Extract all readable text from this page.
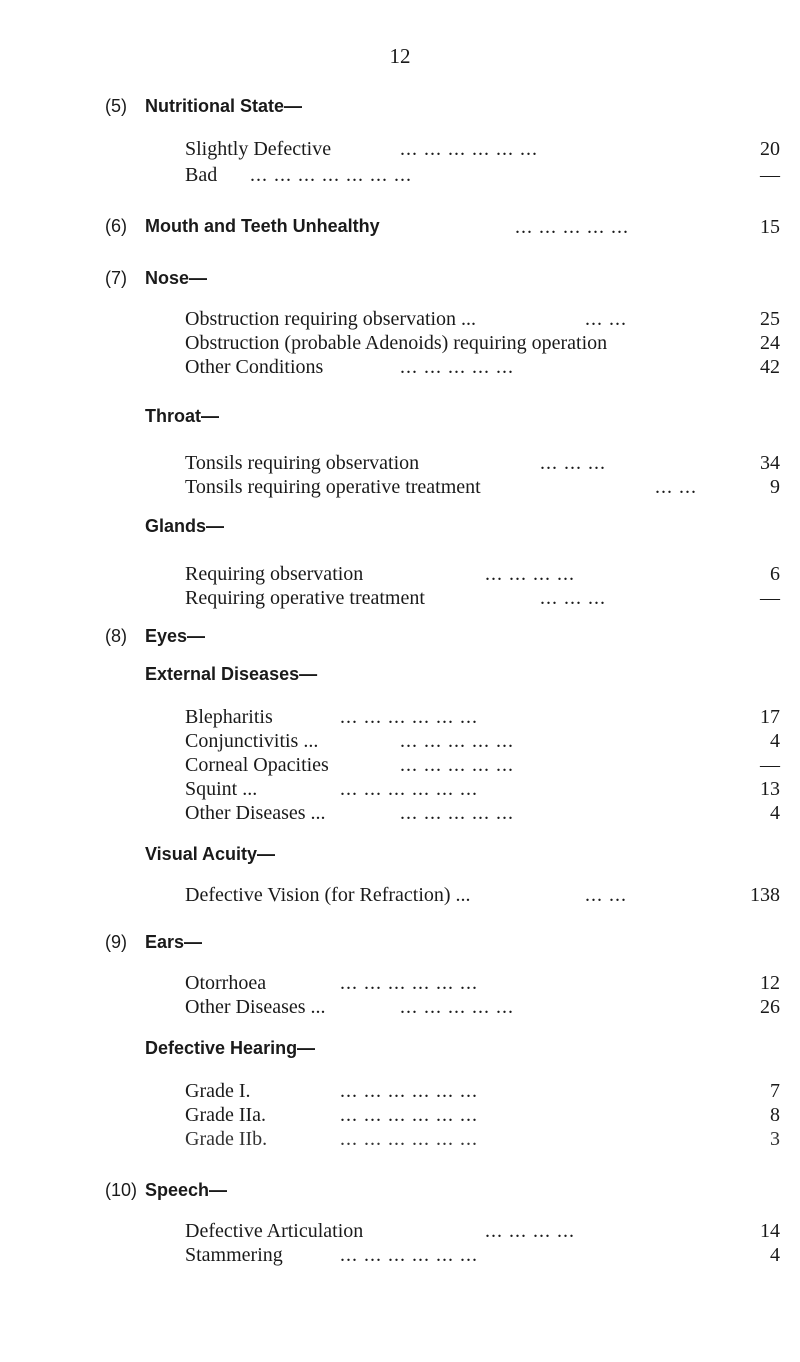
12
(5) Nutritional State—
Slightly Defective	... ... ... ... ... ...	20
Bad ... ... ... ... ... ... ...	—
(6) Mouth and Teeth Unhealthy	... ... ... ... ...	15
(7) Nose—
Obstruction requiring observation ...	... ...	25
Obstruction (probable Adenoids) requiring operation	24
Other Conditions	... ... ... ... ...	42
Throat—
Tonsils requiring observation	... ... ...	34
Tonsils requiring operative treatment	... ...	9
Glands—
Requiring observation	... ... ... ...	6
Requiring operative treatment	... ... ...	—
(8) Eyes—
External Diseases—
Blepharitis	... ... ... ... ... ...	17
Conjunctivitis ...	... ... ... ... ...	4
Corneal Opacities	... ... ... ... ...	—
Squint ...	... ... ... ... ... ...	13
Other Diseases ...	... ... ... ... ...	4
Visual Acuity—
Defective Vision (for Refraction) ...	... ...	138
(9) Ears—
Otorrhoea	... ... ... ... ... ...	12
Other Diseases ...	... ... ... ... ...	26
Defective Hearing—
Grade I.	... ... ... ... ... ...	7
Grade IIa.	... ... ... ... ... ...	8
Grade IIb.	... ... ... ... ... ...	3
(10) Speech—
Defective Articulation	... ... ... ...	14
Stammering	... ... ... ... ... ...	4
